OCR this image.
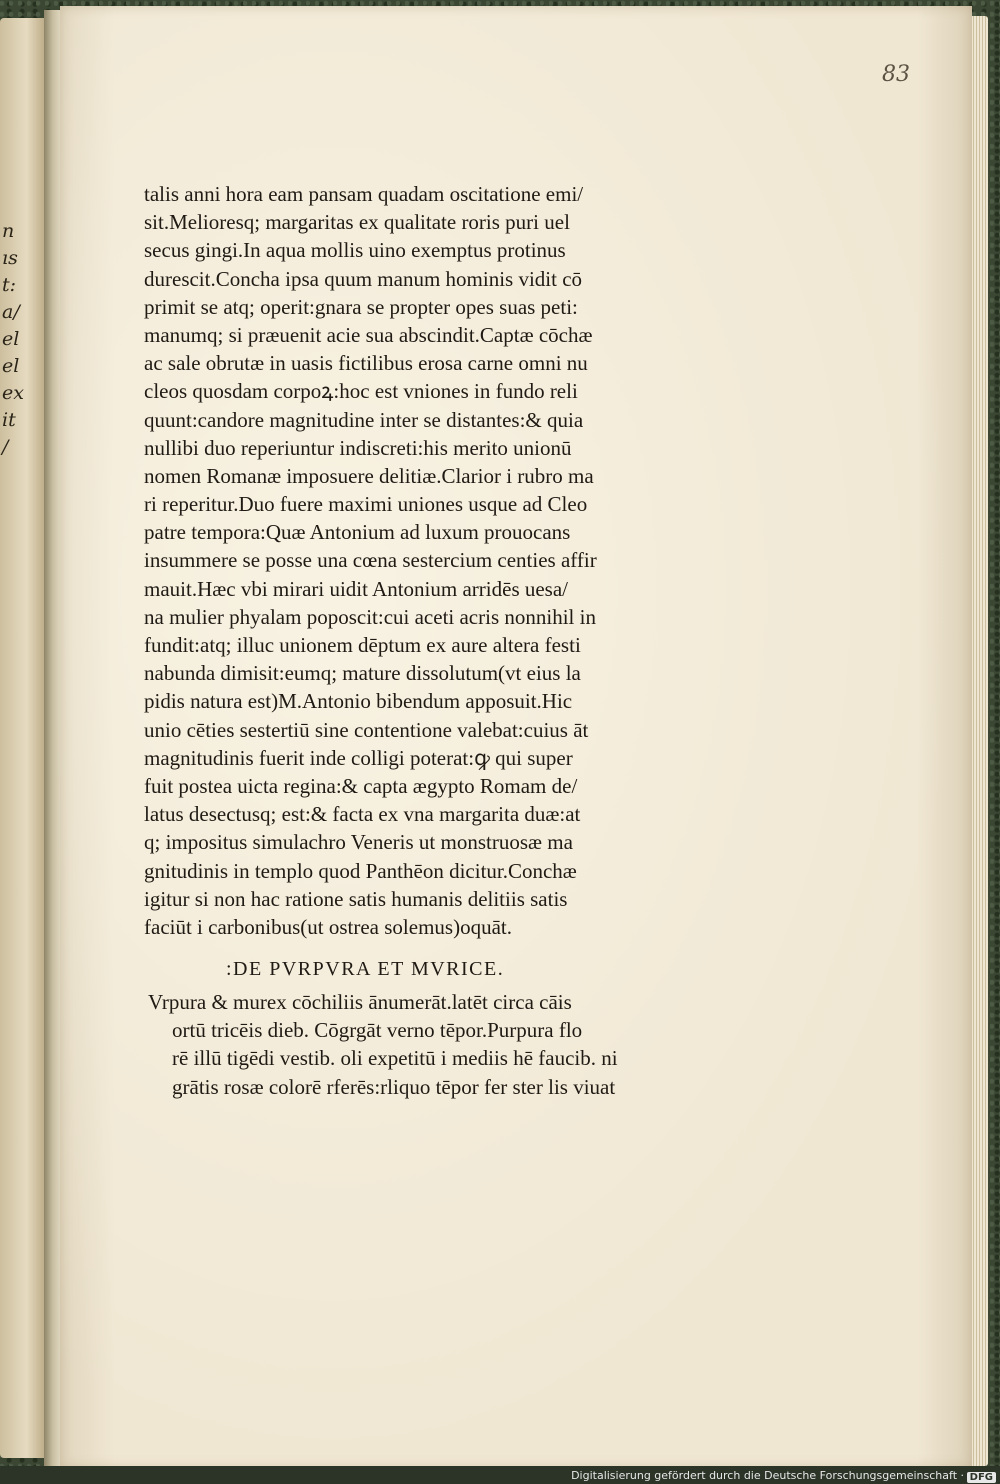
n
ıs
t:
a/
el
el
ex
it
/
83
talis anni hora eam pansam quadam oscitatione emi/
sit.Melioresq; margaritas ex qualitate roris puri uel
secus gingi.In aqua mollis uino exemptus protinus
durescit.Concha ipsa quum manum hominis vidit cō
primit se atq; operit:gnara se propter opes suas peti:
manumq; si præuenit acie sua abscindit.Captæ cōchæ
ac sale obrutæ in uasis fictilibus erosa carne omni nu
cleos quosdam corpoꝝ:hoc est vniones in fundo reli
quunt:candore magnitudine inter se distantes:& quia
nullibi duo reperiuntur indiscreti:his merito unionū
nomen Romanæ imposuere delitiæ.Clarior i rubro ma
ri reperitur.Duo fuere maximi uniones usque ad Cleo
patre tempora:Quæ Antonium ad luxum prouocans
insummere se posse una cœna sestercium centies affir
mauit.Hæc vbi mirari uidit Antonium arridēs uesa/
na mulier phyalam poposcit:cui aceti acris nonnihil in
fundit:atq; illuc unionem dēptum ex aure altera festi
nabunda dimisit:eumq; mature dissolutum(vt eius la
pidis natura est)M.Antonio bibendum apposuit.Hic
unio cēties sestertiū sine contentione valebat:cuius āt
magnitudinis fuerit inde colligi poterat:ꝙ qui super
fuit postea uicta regina:& capta ægypto Romam de/
latus desectusq; est:& facta ex vna margarita duæ:at
q; impositus simulachro Veneris ut monstruosæ ma
gnitudinis in templo quod Panthēon dicitur.Conchæ
igitur si non hac ratione satis humanis delitiis satis
faciūt i carbonibus(ut ostrea solemus)oquāt.
:DE PVRPVRA ET MVRICE.
Vrpura & murex cōchiliis ānumerāt.latēt circa cāis
ortū tricēis dieb. Cōgrgāt verno tēpor.Purpura flo
rē illū tigēdi vestib. oli expetitū i mediis hē faucib. ni
grātis rosæ colorē rferēs:rliquo tēpor fer ster lis viuat
Digitalisierung gefördert durch die Deutsche Forschungsgemeinschaft · DFG
